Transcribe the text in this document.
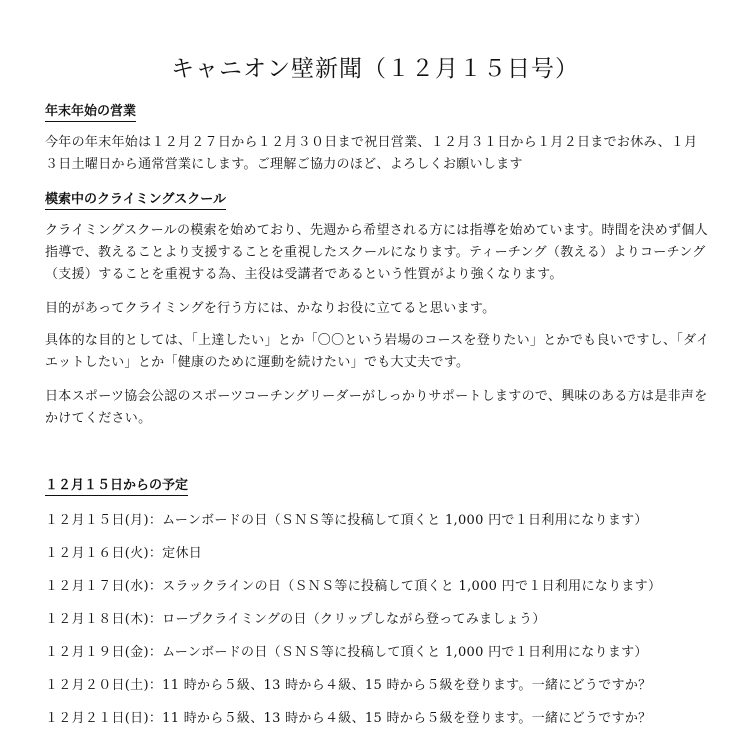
キャニオン壁新聞（１２月１５日号）
年末年始の営業

今年の年末年始は１２月２７日から１２月３０日まで祝日営業、１２月３１日から１月２日までお休み、１月３日土曜日から通常営業にします。ご理解ご協力のほど、よろしくお願いします

模索中のクライミングスクール

クライミングスクールの模索を始めており、先週から希望される方には指導を始めています。時間を決めず個人指導で、教えることより支援することを重視したスクールになります。ティーチング（教える）よりコーチング（支援）することを重視する為、主役は受講者であるという性質がより強くなります。

目的があってクライミングを行う方には、かなりお役に立てると思います。

具体的な目的としては、「上達したい」とか「〇〇という岩場のコースを登りたい」とかでも良いですし、「ダイエットしたい」とか「健康のために運動を続けたい」でも大丈夫です。

日本スポーツ協会公認のスポーツコーチングリーダーがしっかりサポートしますので、興味のある方は是非声をかけてください。

１２月１５日からの予定

１２月１５日(月)：ムーンボードの日（ＳＮＳ等に投稿して頂くと 1,000 円で１日利用になります）

１２月１６日(火)：定休日

１２月１７日(水)：スラックラインの日（ＳＮＳ等に投稿して頂くと 1,000 円で１日利用になります）

１２月１８日(木)：ロープクライミングの日（クリップしながら登ってみましょう）

１２月１９日(金)：ムーンボードの日（ＳＮＳ等に投稿して頂くと 1,000 円で１日利用になります）

１２月２０日(土)：11 時から５級、13 時から４級、15 時から５級を登ります。一緒にどうですか？

１２月２１日(日)：11 時から５級、13 時から４級、15 時から５級を登ります。一緒にどうですか？
